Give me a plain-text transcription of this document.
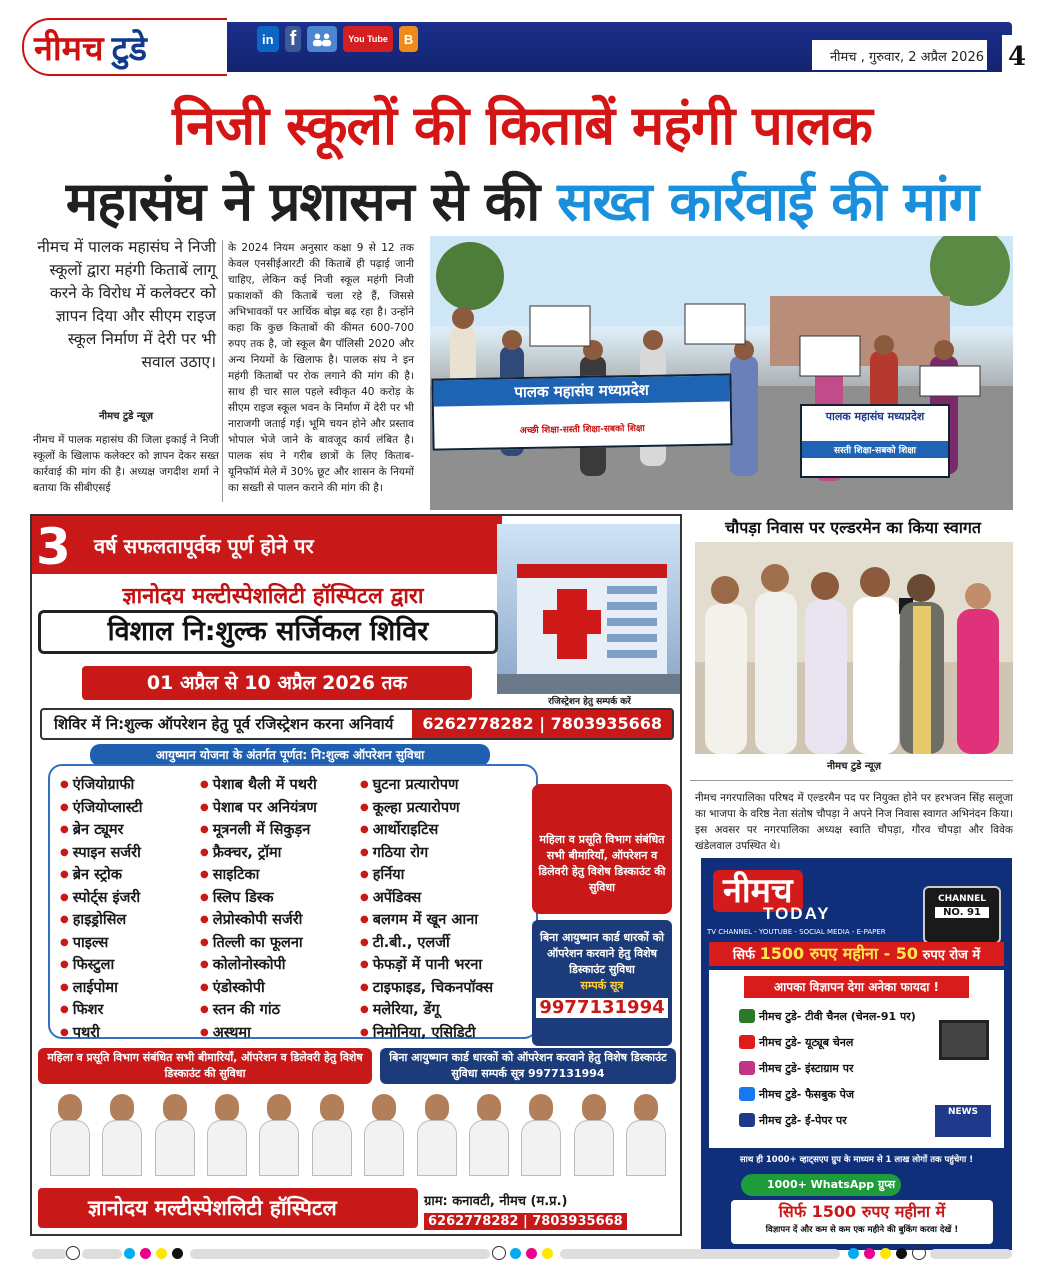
नीमच टुडे	in f	You Tube	B
नीमच , गुरुवार, 2 अप्रैल 2026 4
निजी स्कूलों की किताबें महंगी पालक
महासंघ ने प्रशासन से की सख्त कार्रवाई की मांग
नीमच में पालक महासंघ ने निजी स्कूलों द्वारा महंगी किताबें लागू करने के विरोध में कलेक्टर को ज्ञापन दिया और सीएम राइज स्कूल निर्माण में देरी पर भी सवाल उठाए।
नीमच टुडे न्यूज़
नीमच में पालक महासंघ की जिला इकाई ने निजी स्कूलों के खिलाफ कलेक्टर को ज्ञापन देकर सख्त कार्रवाई की मांग की है। अध्यक्ष जगदीश शर्मा ने बताया कि सीबीएसई
के 2024 नियम अनुसार कक्षा 9 से 12 तक केवल एनसीईआरटी की किताबें ही पढ़ाई जानी चाहिए, लेकिन कई निजी स्कूल महंगी निजी प्रकाशकों की किताबें चला रहे हैं, जिससे अभिभावकों पर आर्थिक बोझ बढ़ रहा है। उन्होंने कहा कि कुछ किताबों की कीमत 600-700 रुपए तक है, जो स्कूल बैग पॉलिसी 2020 और अन्य नियमों के खिलाफ है। पालक संघ ने इन महंगी किताबों पर रोक लगाने की मांग की है। साथ ही चार साल पहले स्वीकृत 40 करोड़ के सीएम राइज स्कूल भवन के निर्माण में देरी पर भी नाराजगी जताई गई। भूमि चयन होने और प्रस्ताव भोपाल भेजे जाने के बावजूद कार्य लंबित है। पालक संघ ने गरीब छात्रों के लिए किताब-यूनिफॉर्म मेले में 30% छूट और शासन के नियमों का सख्ती से पालन कराने की मांग की है।
पालक महासंघ मध्यप्रदेश
अच्छी शिक्षा-सस्ती शिक्षा-सबको शिक्षा
पालक महासंघ मध्यप्रदेश
सस्ती शिक्षा-सबको शिक्षा
चौपड़ा निवास पर एल्डरमेन का किया स्वागत
नीमच टुडे न्यूज़
नीमच नगरपालिका परिषद में एल्डरमैन पद पर नियुक्त होने पर हरभजन सिंह सलूजा का भाजपा के वरिष्ठ नेता संतोष चौपड़ा ने अपने निज निवास स्वागत अभिनंदन किया। इस अवसर पर नगरपालिका अध्यक्ष स्वाति चौपड़ा, गौरव चौपड़ा और विवेक खंडेलवाल उपस्थित थे।
वर्ष सफलतापूर्वक पूर्ण होने पर
3
ज्ञानोदय मल्टीस्पेशलिटी हॉस्पिटल द्वारा
विशाल नि:शुल्क सर्जिकल शिविर
01 अप्रैल से 10 अप्रैल 2026 तक
रजिस्ट्रेशन हेतु सम्पर्क करें
शिविर में नि:शुल्क ऑपरेशन हेतु पूर्व रजिस्ट्रेशन करना अनिवार्य	6262778282 | 7803935668
आयुष्मान योजना के अंतर्गत पूर्णत: नि:शुल्क ऑपरेशन सुविधा
● एंजियोग्राफी
● एंजियोप्लास्टी
● ब्रेन ट्यूमर
● स्पाइन सर्जरी
● ब्रेन स्ट्रोक
● स्पोर्ट्स इंजरी
● हाइड्रोसिल
● पाइल्स
● फिस्टुला
● लाईपोमा
● फिशर
● पथरी
● पेशाब थैली में पथरी
● पेशाब पर अनियंत्रण
● मूत्रनली में सिकुड़न
● फ्रैक्चर, ट्रॉमा
● साइटिका
● स्लिप डिस्क
● लेप्रोस्कोपी सर्जरी
● तिल्ली का फूलना
● कोलोनोस्कोपी
● एंडोस्कोपी
● स्तन की गांठ
● अस्थमा
● घुटना प्रत्यारोपण
● कूल्हा प्रत्यारोपण
● आर्थोराइटिस
● गठिया रोग
● हर्निया
● अपेंडिक्स
● बलगम में खून आना
● टी.बी., एलर्जी
● फेफड़ों में पानी भरना
● टाइफाइड, चिकनपॉक्स
● मलेरिया, डेंगू
● निमोनिया, एसिडिटी
महिला व प्रसूति विभाग संबंधित सभी बीमारियाँ, ऑपरेशन व डिलेवरी हेतु विशेष डिस्काउंट की सुविधा
बिना आयुष्मान कार्ड धारकों को ऑपरेशन करवाने हेतु विशेष डिस्काउंट सुविधा
सम्पर्क सूत्र
9977131994
महिला व प्रसूति विभाग संबंधित सभी बीमारियाँ, ऑपरेशन व डिलेवरी हेतु विशेष डिस्काउंट की सुविधा
बिना आयुष्मान कार्ड धारकों को ऑपरेशन करवाने हेतु विशेष डिस्काउंट सुविधा सम्पर्क सूत्र 9977131994
ज्ञानोदय मल्टीस्पेशलिटी हॉस्पिटल	ग्राम: कनावटी, नीमच (म.प्र.)
6262778282 | 7803935668
नीमच
TODAY
TV CHANNEL - YOUTUBE - SOCIAL MEDIA - E-PAPER
CHANNEL
NO. 91
सिर्फ 1500 रुपए महीना - 50 रुपए रोज में
आपका विज्ञापन देगा अनेका फायदा !
नीमच टुडे- टीवी चैनल (चेनल-91 पर)
नीमच टुडे- यूट्यूब चेनल
नीमच टुडे- इंस्टाग्राम पर
नीमच टुडे- फैसबुक पेज
नीमच टुडे- ई-पेपर पर
NEWS
साथ ही 1000+ व्हाट्सएप ग्रुप के माध्यम से 1 लाख लोगों तक पहुंचेगा !
1000+ WhatsApp ग्रुप्स
सिर्फ 1500 रुपए महीना में
विज्ञापन दें और कम से कम एक महीने की बुकिंग करवा देखें !
